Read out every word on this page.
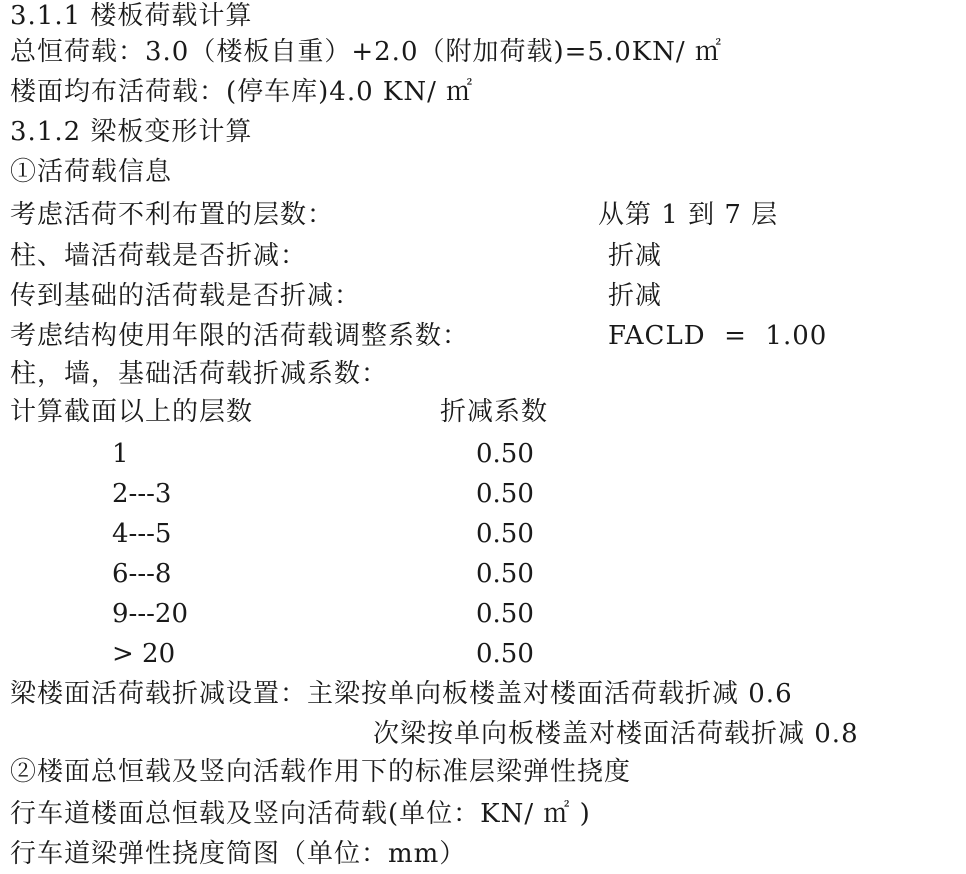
3.1.1 楼板荷载计算
总恒荷载：3.0（楼板自重）+2.0（附加荷载)=5.0KN/ ㎡
楼面均布活荷载：(停车库)4.0 KN/ ㎡
3.1.2 梁板变形计算
①活荷载信息
考虑活荷不利布置的层数：	从第 1 到 7 层
柱、墙活荷载是否折减：	折减
传到基础的活荷载是否折减：	折减
考虑结构使用年限的活荷载调整系数：	FACLD  =  1.00
柱，墙，基础活荷载折减系数：
计算截面以上的层数	折减系数
1	0.50
2---3	0.50
4---5	0.50
6---8	0.50
9---20	0.50
> 20	0.50
梁楼面活荷载折减设置：主梁按单向板楼盖对楼面活荷载折减 0.6
次梁按单向板楼盖对楼面活荷载折减 0.8
②楼面总恒载及竖向活载作用下的标准层梁弹性挠度
行车道楼面总恒载及竖向活荷载(单位：KN/ ㎡ )
行车道梁弹性挠度简图（单位：mm）
